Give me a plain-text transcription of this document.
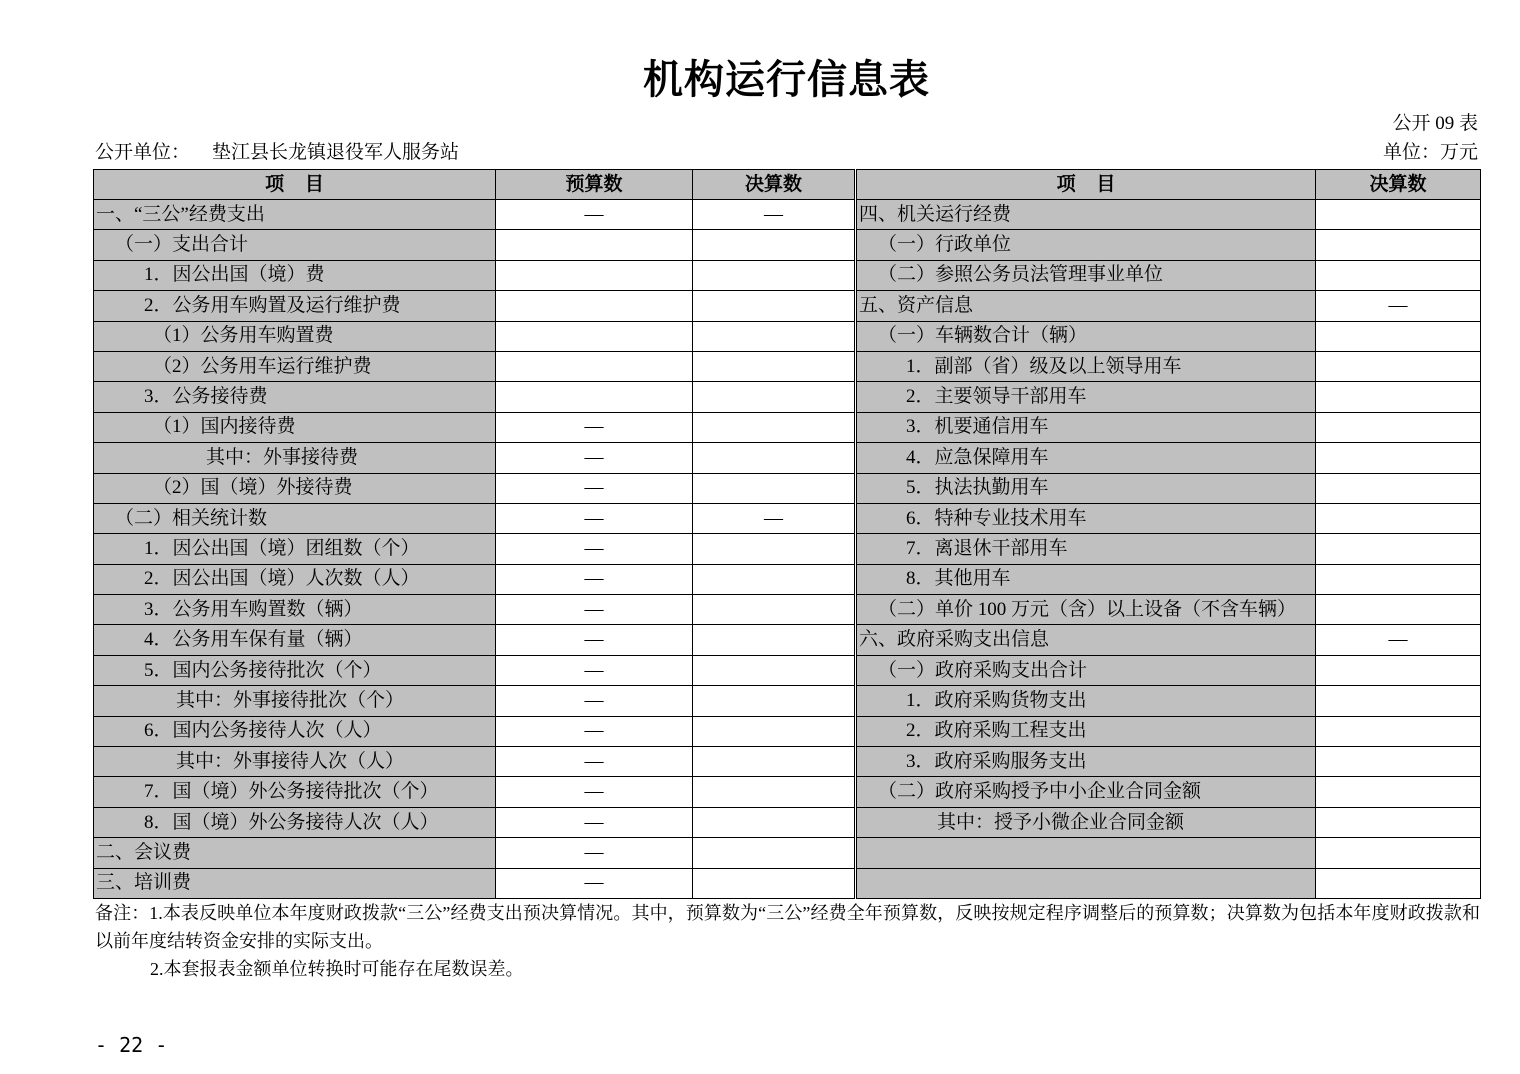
机构运行信息表
公开 09 表
公开单位： 垫江县长龙镇退役军人服务站	单位：万元
项 目	预算数	决算数	项 目	决算数
一、“三公”经费支出	—	—	四、机关运行经费	
（一）支出合计			（一）行政单位	
1．因公出国（境）费			（二）参照公务员法管理事业单位	
2．公务用车购置及运行维护费			五、资产信息	—
（1）公务用车购置费			（一）车辆数合计（辆）	
（2）公务用车运行维护费			1．副部（省）级及以上领导用车	
3．公务接待费			2．主要领导干部用车	
（1）国内接待费	—		3．机要通信用车	
其中：外事接待费	—		4．应急保障用车	
（2）国（境）外接待费	—		5．执法执勤用车	
（二）相关统计数	—	—	6．特种专业技术用车	
1．因公出国（境）团组数（个）	—		7．离退休干部用车	
2．因公出国（境）人次数（人）	—		8．其他用车	
3．公务用车购置数（辆）	—		（二）单价 100 万元（含）以上设备（不含车辆）	
4．公务用车保有量（辆）	—		六、政府采购支出信息	—
5．国内公务接待批次（个）	—		（一）政府采购支出合计	
其中：外事接待批次（个）	—		1．政府采购货物支出	
6．国内公务接待人次（人）	—		2．政府采购工程支出	
其中：外事接待人次（人）	—		3．政府采购服务支出	
7．国（境）外公务接待批次（个）	—		（二）政府采购授予中小企业合同金额	
8．国（境）外公务接待人次（人）	—		其中：授予小微企业合同金额	
二、会议费	—			
三、培训费	—			
备注：1.本表反映单位本年度财政拨款“三公”经费支出预决算情况。其中，预算数为“三公”经费全年预算数，反映按规定程序调整后的预算数；决算数为包括本年度财政拨款和以前年度结转资金安排的实际支出。
2.本套报表金额单位转换时可能存在尾数误差。
- 22 -
